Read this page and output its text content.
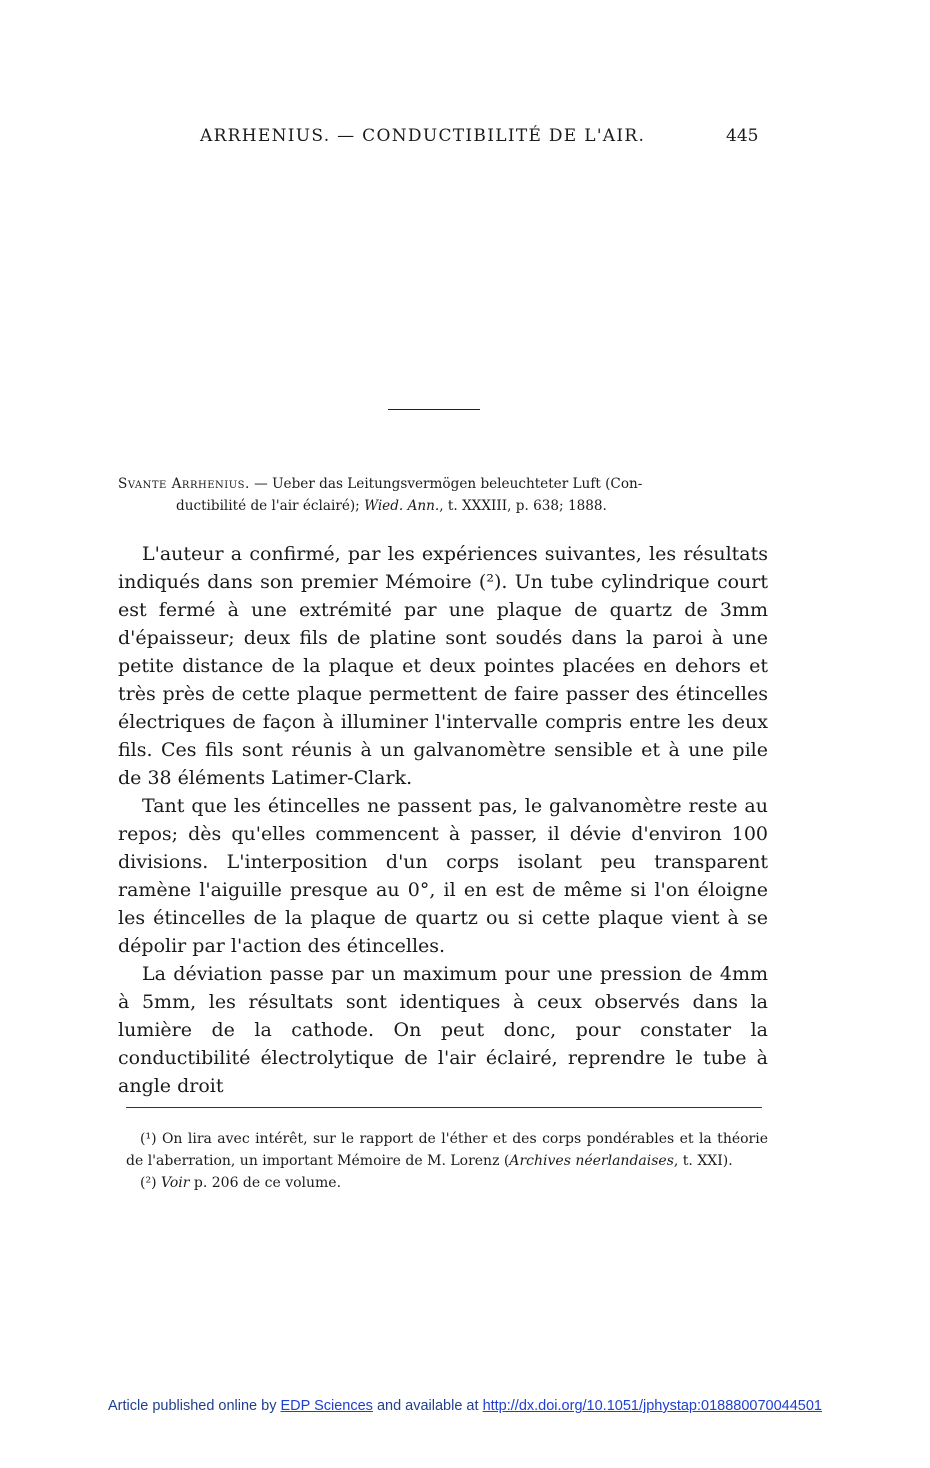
ARRHENIUS. — CONDUCTIBILITÉ DE L'AIR.	445
Svante Arrhenius. — Ueber das Leitungsvermögen beleuchteter Luft (Con-
ductibilité de l'air éclairé); Wied. Ann., t. XXXIII, p. 638; 1888.

L'auteur a confirmé, par les expériences suivantes, les résultats indiqués dans son premier Mémoire (²). Un tube cylindrique court est fermé à une extrémité par une plaque de quartz de 3mm d'épaisseur; deux fils de platine sont soudés dans la paroi à une petite distance de la plaque et deux pointes placées en dehors et très près de cette plaque permettent de faire passer des étincelles électriques de façon à illuminer l'intervalle compris entre les deux fils. Ces fils sont réunis à un galvanomètre sensible et à une pile de 38 éléments Latimer-Clark.

Tant que les étincelles ne passent pas, le galvanomètre reste au repos; dès qu'elles commencent à passer, il dévie d'environ 100 divisions. L'interposition d'un corps isolant peu transparent ramène l'aiguille presque au 0°, il en est de même si l'on éloigne les étincelles de la plaque de quartz ou si cette plaque vient à se dépolir par l'action des étincelles.

La déviation passe par un maximum pour une pression de 4mm à 5mm, les résultats sont identiques à ceux observés dans la lumière de la cathode. On peut donc, pour constater la conductibilité électrolytique de l'air éclairé, reprendre le tube à angle droit

(¹) On lira avec intérêt, sur le rapport de l'éther et des corps pondérables et la théorie de l'aberration, un important Mémoire de M. Lorenz (Archives néerlandaises, t. XXI).

(²) Voir p. 206 de ce volume.

Article published online by EDP Sciences and available at http://dx.doi.org/10.1051/jphystap:018880070044501
